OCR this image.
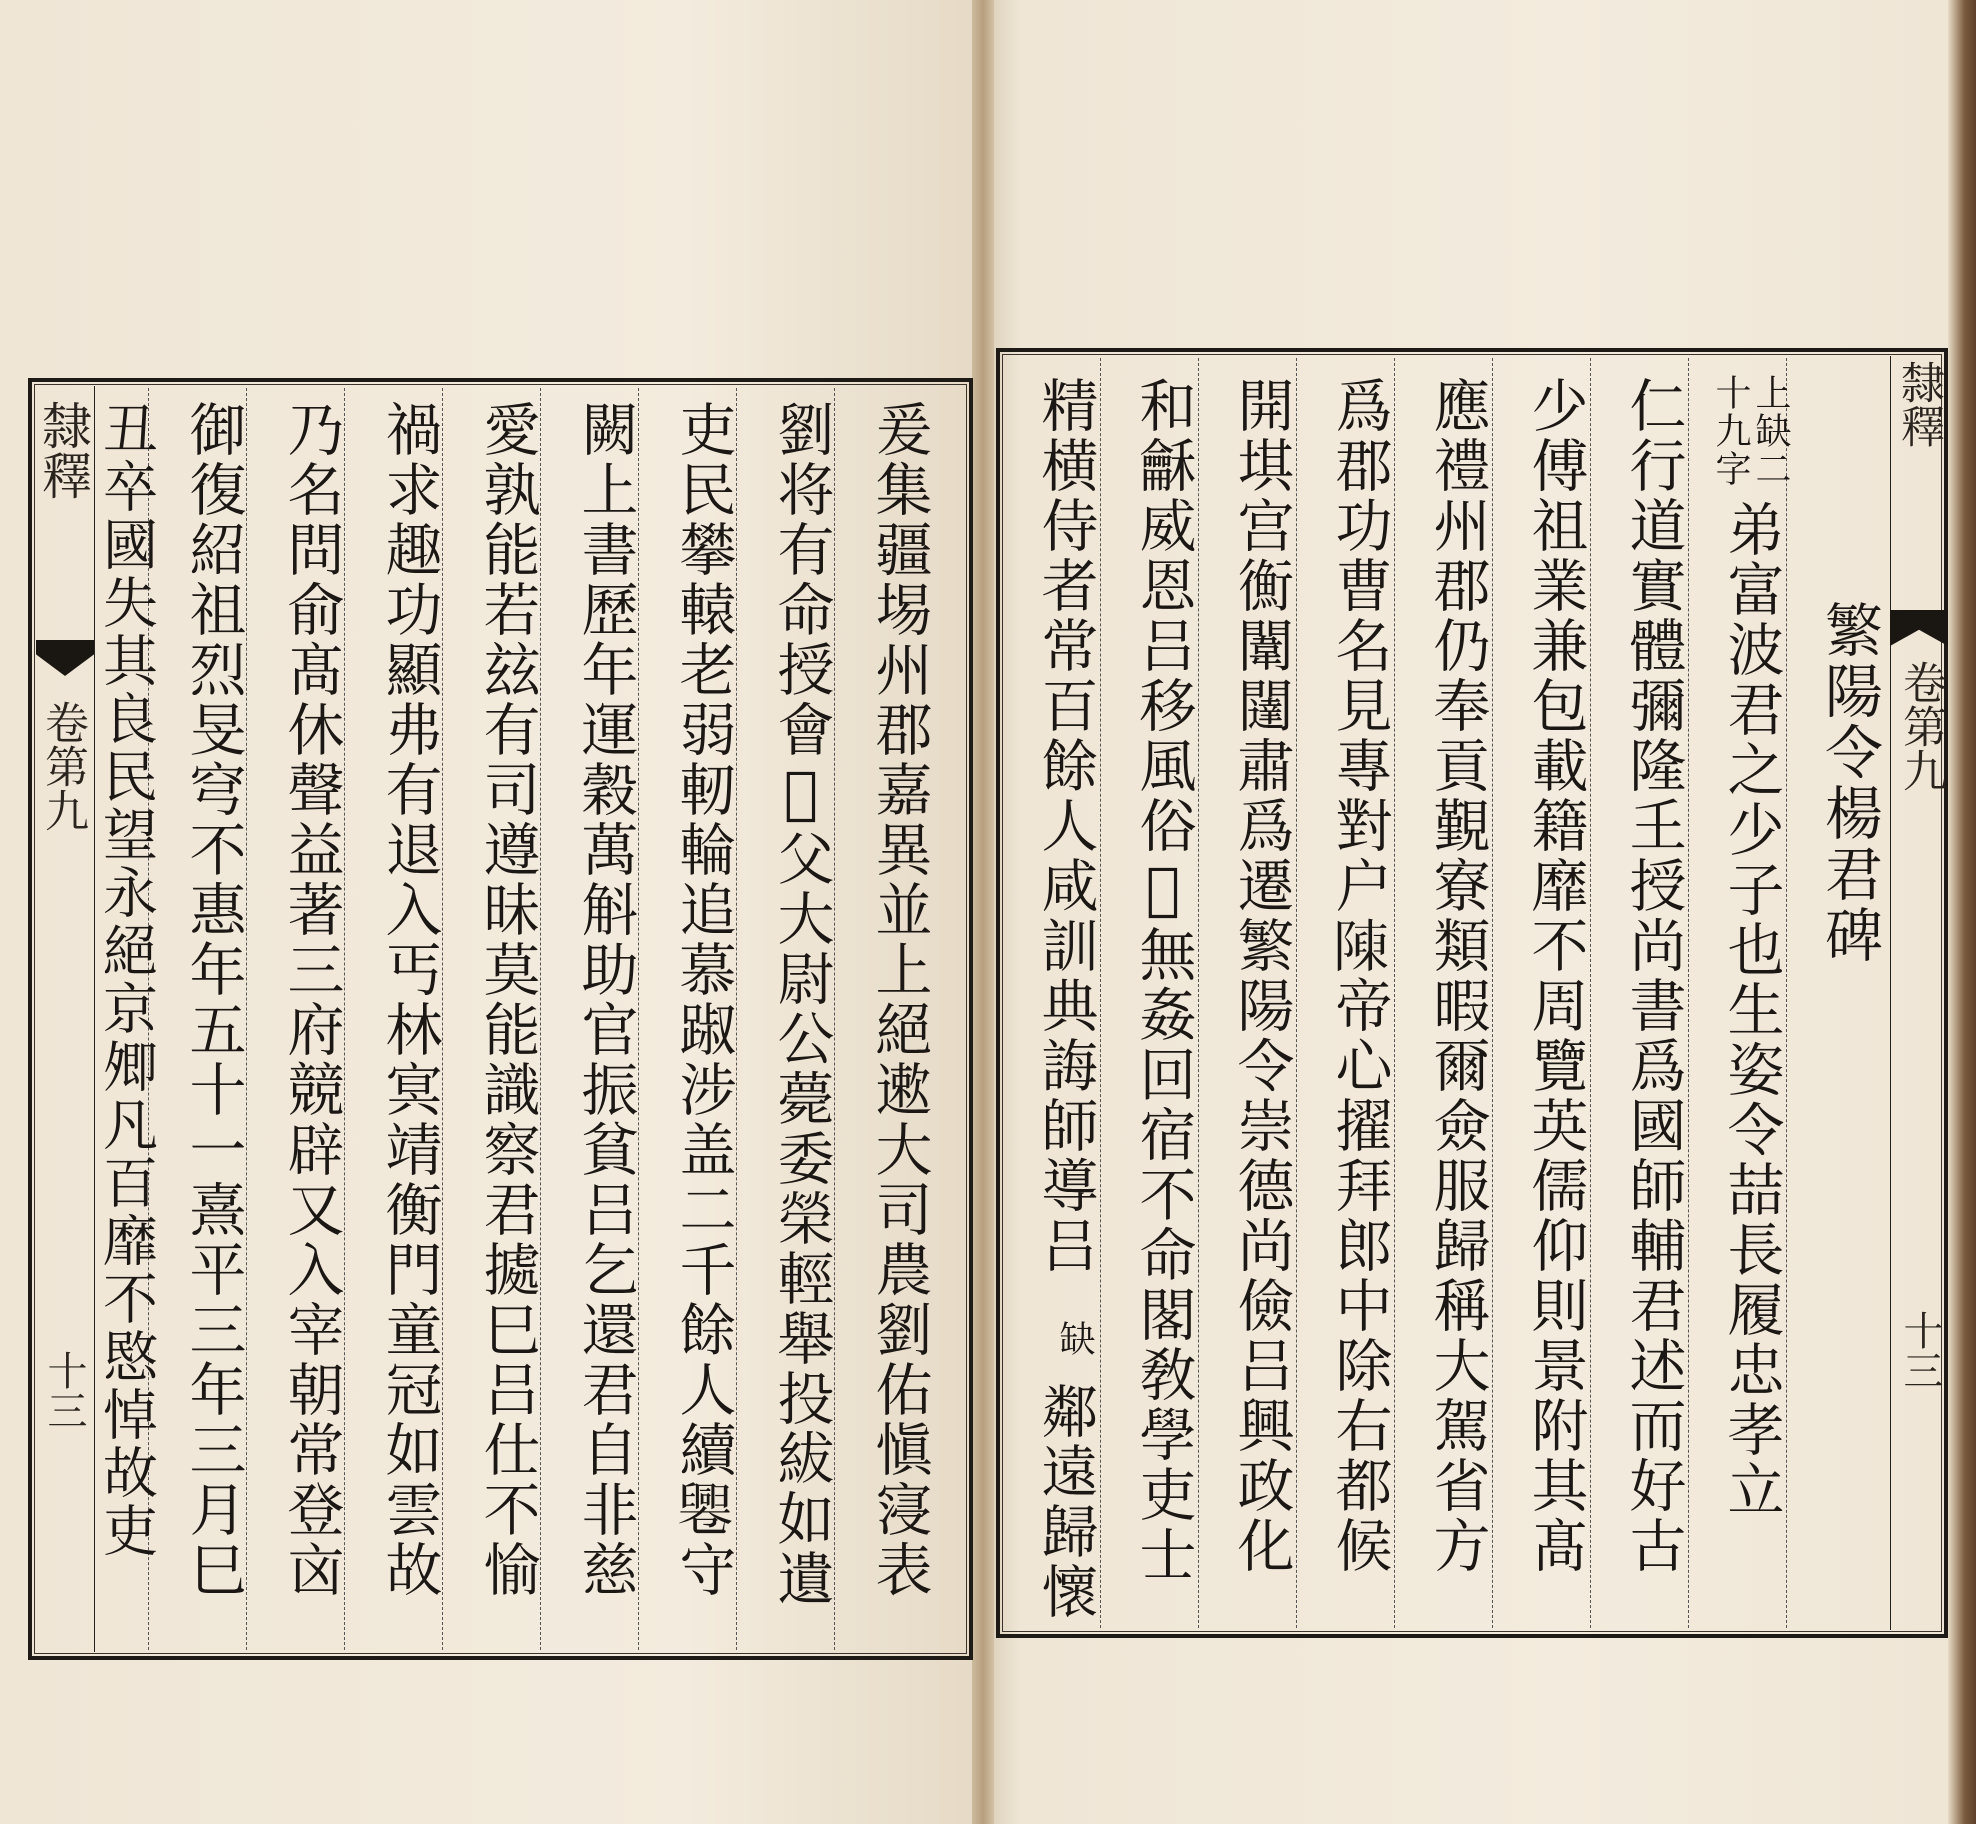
隸釋
卷第九
十三	爰集疆埸州郡嘉異並上絕遬大司農劉佑愼寖表
劉将有命授會𪥷父大尉公薨委榮輕舉投紱如遺
吏民攀轅老弱軔輪追慕踧涉盖二千餘人續𠨩守
闕上書歷年運穀萬斛助官振貧吕乞還君自非慈
愛孰能若玆有司遵昧莫能識察君㨿巳吕仕不愉
禍求趣功顯弗有退入丐林㝠靖衡門童冠如雲故
乃名問俞髙休聲益著三府競辟又入宰朝常登㐫
御復紹祖烈旻穹不惠年五十一熹平三年三月巳
丑卒國失其良民望永絕京𡖖凡百靡不愍悼故吏	隸釋
卷第九
十三
繁陽令楊君碑
上缺二
十九字
弟富波君之少子也生姿令喆長履忠孝立
仁行道實體彌隆𡈼授尚書爲國師輔君述而好古
少傅祖業兼包載籍靡不周覽英儒仰則景附其髙
應禮州郡仍奉貢覲寮類暇爾僉服歸稱大駕省方
爲郡功曹名見專對户𨻰帝心擢拜郎中除右都候
開㙋宫𢖍闈闥肅爲遷繁陽令崇德尚儉吕興政化
和龢威恩吕移風俗𣡵無姦回宿不命閣敎學吏士
精横侍者常百餘人咸訓典誨師導吕
缺
鄰遠歸懷
